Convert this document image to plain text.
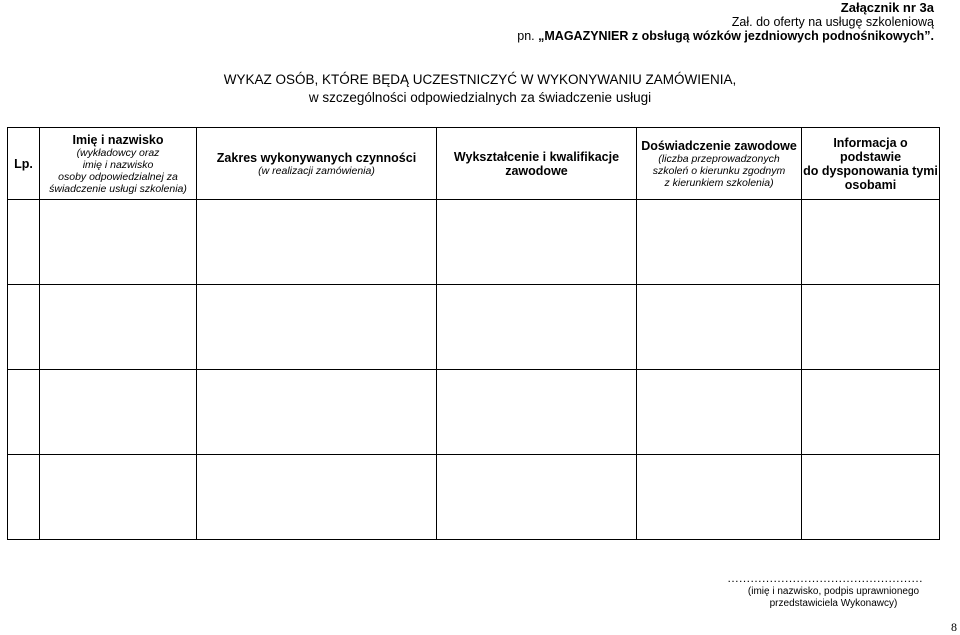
Załącznik nr 3a
Zał. do oferty na usługę szkoleniową
pn. „MAGAZYNIER z obsługą wózków jezdniowych podnośnikowych”.
WYKAZ OSÓB, KTÓRE BĘDĄ UCZESTNICZYĆ W WYKONYWANIU ZAMÓWIENIA,
w szczególności odpowiedzialnych za świadczenie usługi
Lp.	Imię i nazwisko
(wykładowcy oraz
imię i nazwisko
osoby odpowiedzialnej za
świadczenie usługi szkolenia)	Zakres wykonywanych czynności
(w realizacji zamówienia)	Wykształcenie i kwalifikacje
zawodowe	Doświadczenie zawodowe
(liczba przeprowadzonych
szkoleń o kierunku zgodnym
z kierunkiem szkolenia)	Informacja o podstawie
do dysponowania tymi
osobami

……………………………………………
(imię i nazwisko, podpis uprawnionego
przedstawiciela Wykonawcy)
8
